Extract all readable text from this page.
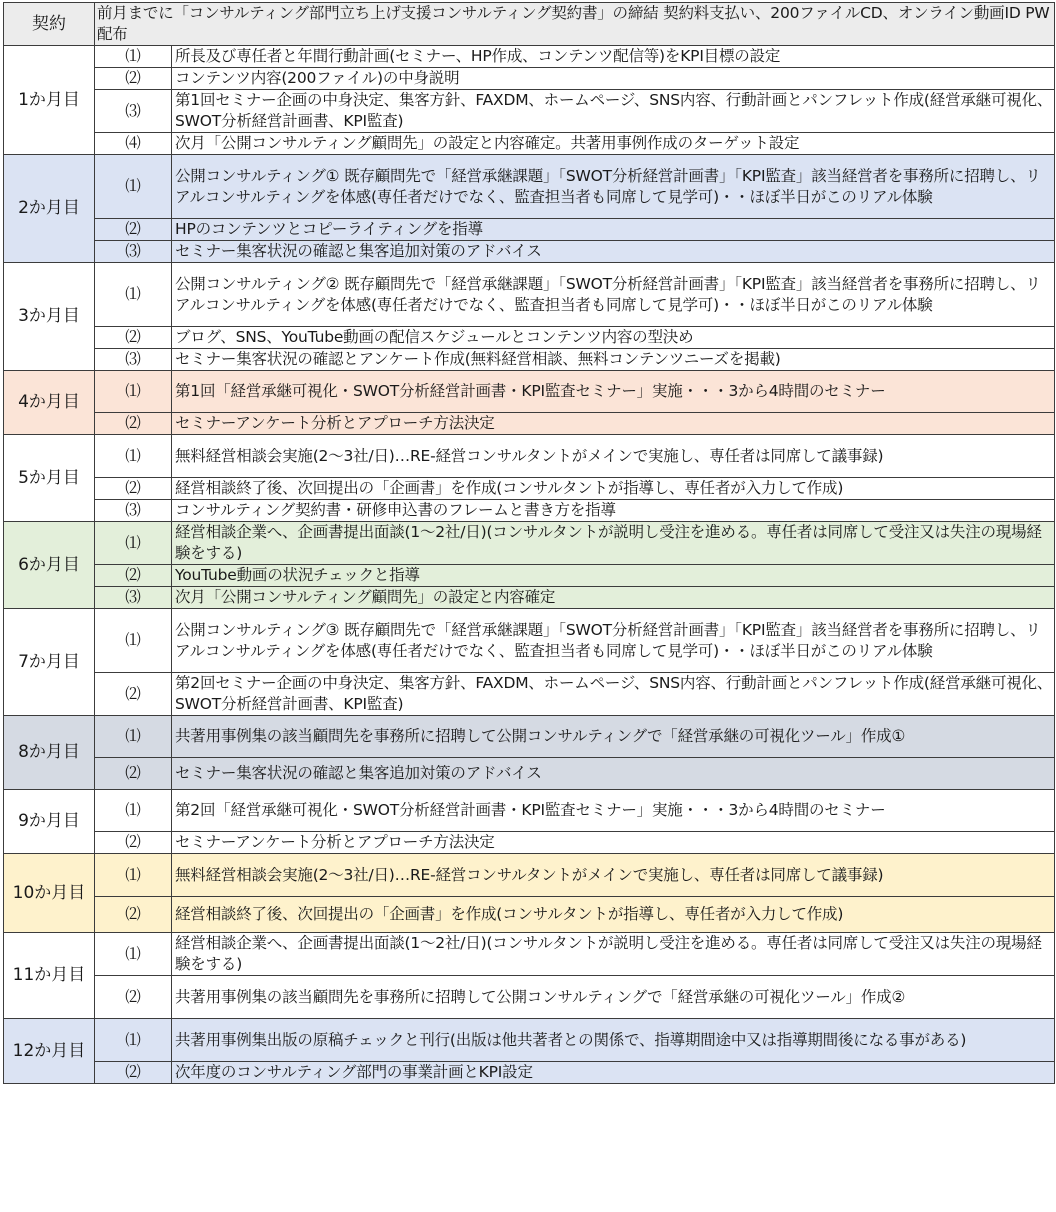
契約	前月までに「コンサルティング部門立ち上げ支援コンサルティング契約書」の締結 契約料支払い、200ファイルCD、オンライン動画ID PW 配布	
1か月目	⑴	所長及び専任者と年間行動計画(セミナー、HP作成、コンテンツ配信等)をKPI目標の設定
	⑵	コンテンツ内容(200ファイル)の中身説明
	⑶	第1回セミナー企画の中身決定、集客方針、FAXDM、ホームページ、SNS内容、行動計画とパンフレット作成(経営承継可視化、SWOT分析経営計画書、KPI監査)
	⑷	次月「公開コンサルティング顧問先」の設定と内容確定。共著用事例作成のターゲット設定
2か月目	⑴	公開コンサルティング① 既存顧問先で「経営承継課題」「SWOT分析経営計画書」「KPI監査」該当経営者を事務所に招聘し、リアルコンサルティングを体感(専任者だけでなく、監査担当者も同席して見学可)・・ほぼ半日がこのリアル体験
	⑵	HPのコンテンツとコピーライティングを指導
	⑶	セミナー集客状況の確認と集客追加対策のアドバイス
3か月目	⑴	公開コンサルティング② 既存顧問先で「経営承継課題」「SWOT分析経営計画書」「KPI監査」該当経営者を事務所に招聘し、リアルコンサルティングを体感(専任者だけでなく、監査担当者も同席して見学可)・・ほぼ半日がこのリアル体験
	⑵	ブログ、SNS、YouTube動画の配信スケジュールとコンテンツ内容の型決め
	⑶	セミナー集客状況の確認とアンケート作成(無料経営相談、無料コンテンツニーズを掲載)
4か月目	⑴	第1回「経営承継可視化・SWOT分析経営計画書・KPI監査セミナー」実施・・・3から4時間のセミナー
	⑵	セミナーアンケート分析とアプローチ方法決定
5か月目	⑴	無料経営相談会実施(2～3社/日)…RE-経営コンサルタントがメインで実施し、専任者は同席して議事録)
	⑵	経営相談終了後、次回提出の「企画書」を作成(コンサルタントが指導し、専任者が入力して作成)
	⑶	コンサルティング契約書・研修申込書のフレームと書き方を指導
6か月目	⑴	経営相談企業へ、企画書提出面談(1～2社/日)(コンサルタントが説明し受注を進める。専任者は同席して受注又は失注の現場経験をする)
	⑵	YouTube動画の状況チェックと指導
	⑶	次月「公開コンサルティング顧問先」の設定と内容確定
7か月目	⑴	公開コンサルティング③ 既存顧問先で「経営承継課題」「SWOT分析経営計画書」「KPI監査」該当経営者を事務所に招聘し、リアルコンサルティングを体感(専任者だけでなく、監査担当者も同席して見学可)・・ほぼ半日がこのリアル体験
	⑵	第2回セミナー企画の中身決定、集客方針、FAXDM、ホームページ、SNS内容、行動計画とパンフレット作成(経営承継可視化、SWOT分析経営計画書、KPI監査)
8か月目	⑴	共著用事例集の該当顧問先を事務所に招聘して公開コンサルティングで「経営承継の可視化ツール」作成①
	⑵	セミナー集客状況の確認と集客追加対策のアドバイス
9か月目	⑴	第2回「経営承継可視化・SWOT分析経営計画書・KPI監査セミナー」実施・・・3から4時間のセミナー
	⑵	セミナーアンケート分析とアプローチ方法決定
10か月目	⑴	無料経営相談会実施(2～3社/日)…RE-経営コンサルタントがメインで実施し、専任者は同席して議事録)
	⑵	経営相談終了後、次回提出の「企画書」を作成(コンサルタントが指導し、専任者が入力して作成)
11か月目	⑴	経営相談企業へ、企画書提出面談(1～2社/日)(コンサルタントが説明し受注を進める。専任者は同席して受注又は失注の現場経験をする)
	⑵	共著用事例集の該当顧問先を事務所に招聘して公開コンサルティングで「経営承継の可視化ツール」作成②
12か月目	⑴	共著用事例集出版の原稿チェックと刊行(出版は他共著者との関係で、指導期間途中又は指導期間後になる事がある)
	⑵	次年度のコンサルティング部門の事業計画とKPI設定
